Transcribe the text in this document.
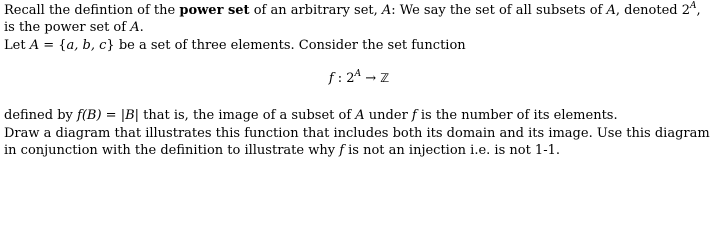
Recall the defintion of the power set of an arbitrary set, A: We say the set of all subsets of A, denoted $2^A$,
is the power set of A.
Let A = {a, b, c} be a set of three elements. Consider the set function
f : $2^A$ → ℤ
defined by f(B) = |B| that is, the image of a subset of A under f is the number of its elements.
Draw a diagram that illustrates this function that includes both its domain and its image. Use this diagram
in conjunction with the definition to illustrate why f is not an injection i.e. is not 1-1.
